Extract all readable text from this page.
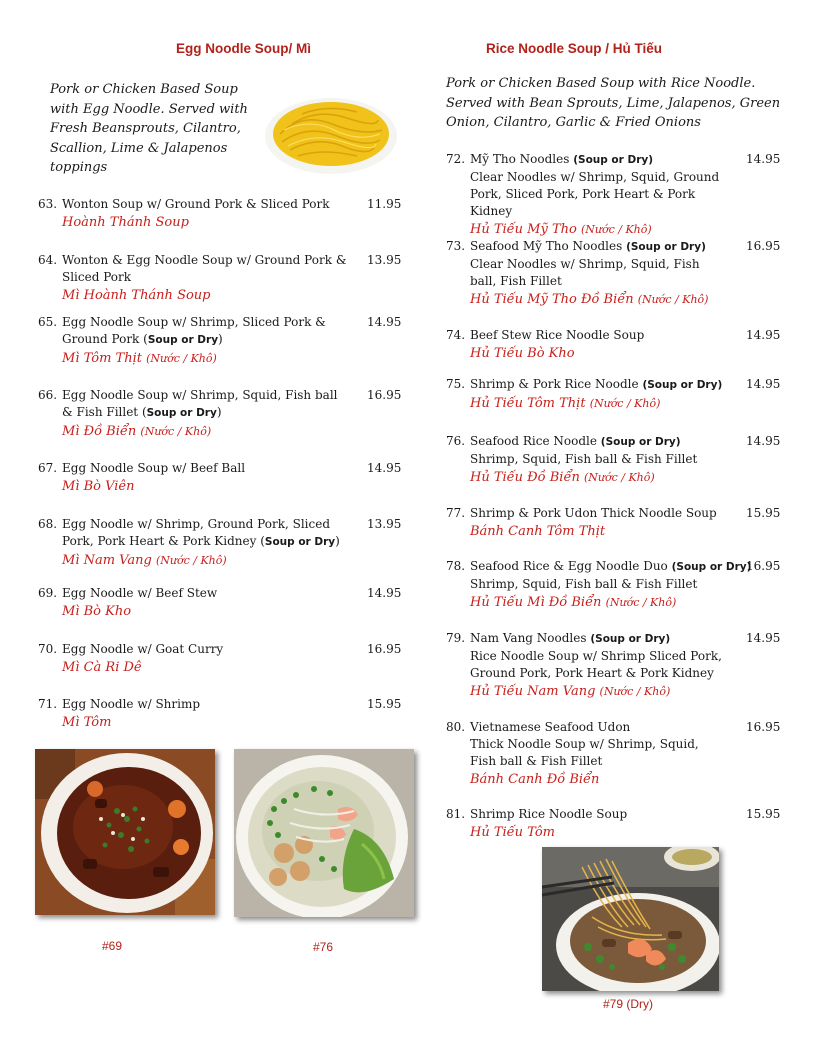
Egg Noodle Soup/ Mì
Pork or Chicken Based Soup with Egg Noodle. Served with Fresh Beansprouts, Cilantro, Scallion, Lime & Jalapenos toppings
63. Wonton Soup w/ Ground Pork & Sliced Pork
Hoành Thánh Soup
11.95
64. Wonton & Egg Noodle Soup w/ Ground Pork & Sliced Pork
Mì Hoành Thánh Soup
13.95
65. Egg Noodle Soup w/ Shrimp, Sliced Pork & Ground Pork (Soup or Dry)
Mì Tôm Thịt (Nước / Khô)
14.95
66. Egg Noodle Soup w/ Shrimp, Squid, Fish ball & Fish Fillet (Soup or Dry)
Mì Đồ Biển (Nước / Khô)
16.95
67. Egg Noodle Soup w/ Beef Ball
Mì Bò Viên
14.95
68. Egg Noodle w/ Shrimp, Ground Pork, Sliced Pork, Pork Heart & Pork Kidney (Soup or Dry)
Mì Nam Vang (Nước / Khô)
13.95
69. Egg Noodle w/ Beef Stew
Mì Bò Kho
14.95
70. Egg Noodle w/ Goat Curry
Mì Cà Ri Dê
16.95
71. Egg Noodle w/ Shrimp
Mì Tôm
15.95
#69	#76
Rice Noodle Soup / Hủ Tiếu
Pork or Chicken Based Soup with Rice Noodle. Served with Bean Sprouts, Lime, Jalapenos, Green Onion, Cilantro, Garlic & Fried Onions
72. Mỹ Tho Noodles (Soup or Dry)
Clear Noodles w/ Shrimp, Squid, Ground Pork, Sliced Pork, Pork Heart & Pork Kidney
Hủ Tiếu Mỹ Tho (Nước / Khô)
14.95
73. Seafood Mỹ Tho Noodles (Soup or Dry)
Clear Noodles w/ Shrimp, Squid, Fish ball, Fish Fillet
Hủ Tiếu Mỹ Tho Đồ Biển (Nước / Khô)
16.95
74. Beef Stew Rice Noodle Soup
Hủ Tiếu Bò Kho
14.95
75. Shrimp & Pork Rice Noodle (Soup or Dry)
Hủ Tiếu Tôm Thịt (Nước / Khô)
14.95
76. Seafood Rice Noodle (Soup or Dry)
Shrimp, Squid, Fish ball & Fish Fillet
Hủ Tiếu Đồ Biển (Nước / Khô)
14.95
77. Shrimp & Pork Udon Thick Noodle Soup
Bánh Canh Tôm Thịt
15.95
78. Seafood Rice & Egg Noodle Duo (Soup or Dry)
Shrimp, Squid, Fish ball & Fish Fillet
Hủ Tiếu Mì Đồ Biển (Nước / Khô)
16.95
79. Nam Vang Noodles (Soup or Dry)
Rice Noodle Soup w/ Shrimp Sliced Pork, Ground Pork, Pork Heart & Pork Kidney
Hủ Tiếu Nam Vang (Nước / Khô)
14.95
80. Vietnamese Seafood Udon
Thick Noodle Soup w/ Shrimp, Squid, Fish ball & Fish Fillet
Bánh Canh Đồ Biển
16.95
81. Shrimp Rice Noodle Soup
Hủ Tiếu Tôm
15.95
#79 (Dry)
